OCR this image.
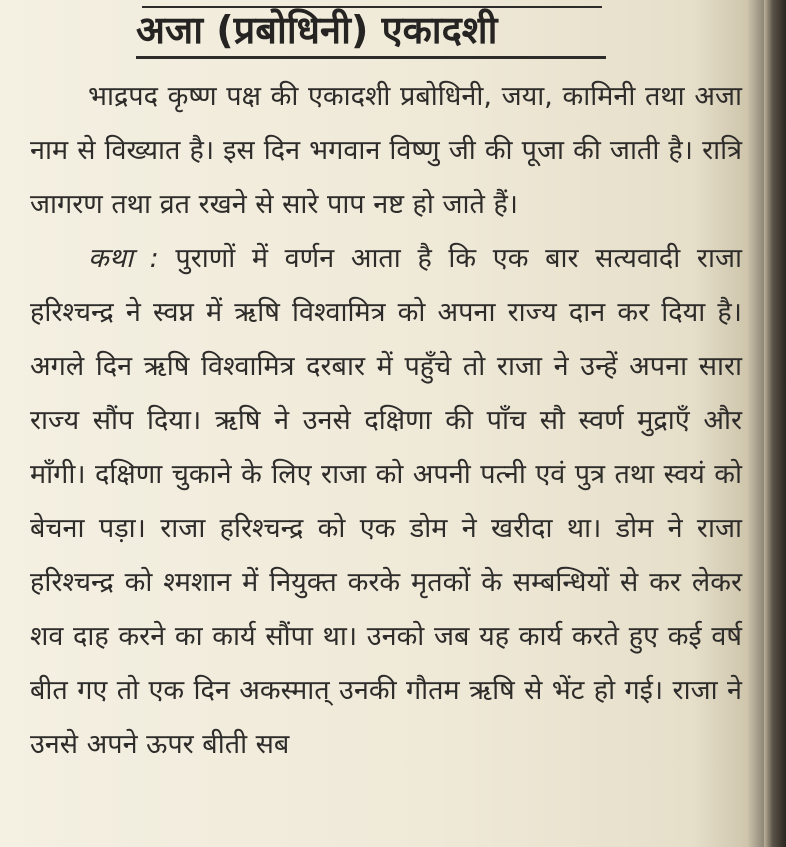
अजा (प्रबोधिनी) एकादशी

भाद्रपद कृष्ण पक्ष की एकादशी प्रबोधिनी, जया, कामिनी तथा अजा नाम से विख्यात है। इस दिन भगवान विष्णु जी की पूजा की जाती है। रात्रि जागरण तथा व्रत रखने से सारे पाप नष्ट हो जाते हैं।

कथा : पुराणों में वर्णन आता है कि एक बार सत्यवादी राजा हरिश्चन्द्र ने स्वप्न में ऋषि विश्वामित्र को अपना राज्य दान कर दिया है। अगले दिन ऋषि विश्वामित्र दरबार में पहुँचे तो राजा ने उन्हें अपना सारा राज्य सौंप दिया। ऋषि ने उनसे दक्षिणा की पाँच सौ स्वर्ण मुद्राएँ और माँगी। दक्षिणा चुकाने के लिए राजा को अपनी पत्नी एवं पुत्र तथा स्वयं को बेचना पड़ा। राजा हरिश्चन्द्र को एक डोम ने खरीदा था। डोम ने राजा हरिश्चन्द्र को श्मशान में नियुक्त करके मृतकों के सम्बन्धियों से कर लेकर शव दाह करने का कार्य सौंपा था। उनको जब यह कार्य करते हुए कई वर्ष बीत गए तो एक दिन अकस्मात् उनकी गौतम ऋषि से भेंट हो गई। राजा ने उनसे अपने ऊपर बीती सब
